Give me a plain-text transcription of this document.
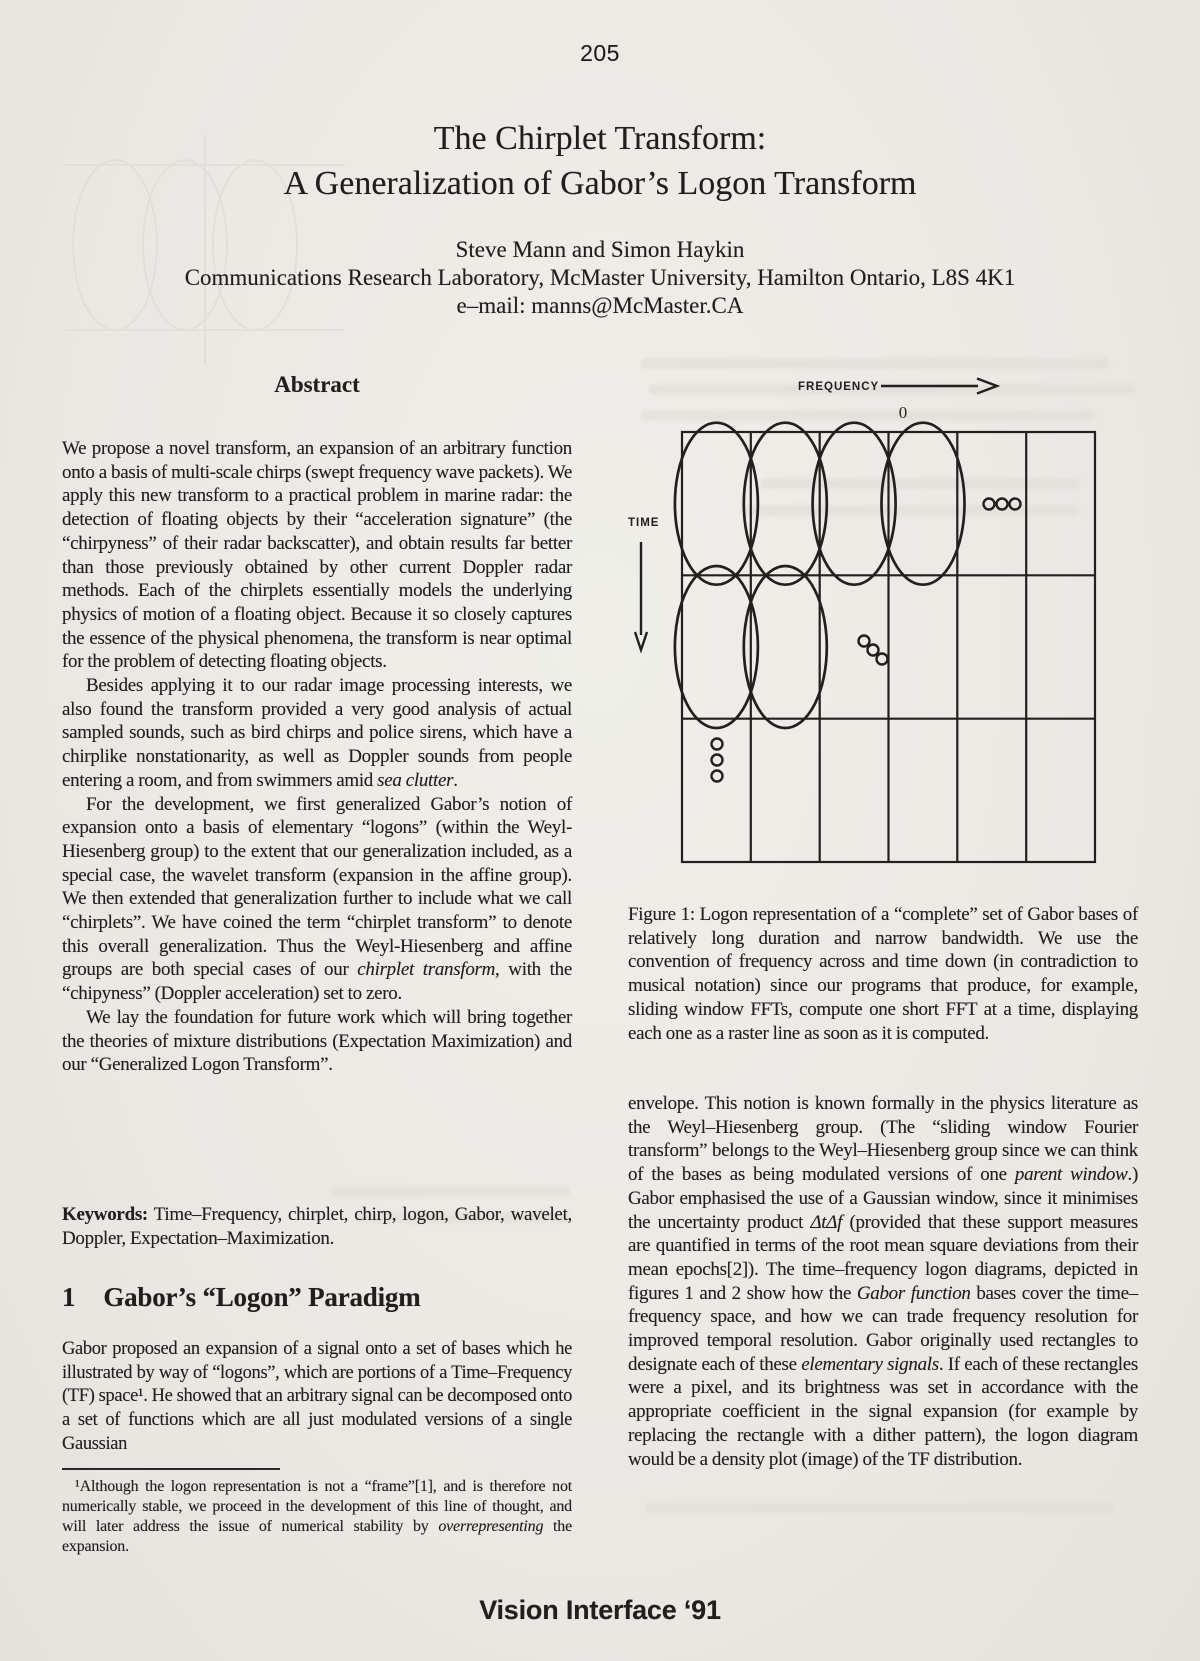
205
The Chirplet Transform:
A Generalization of Gabor’s Logon Transform
Steve Mann and Simon Haykin
Communications Research Laboratory, McMaster University, Hamilton Ontario, L8S 4K1
e–mail: manns@McMaster.CA
Abstract

We propose a novel transform, an expansion of an arbitrary function onto a basis of multi-scale chirps (swept frequency wave packets). We apply this new transform to a practical problem in marine radar: the detection of floating objects by their “acceleration signature” (the “chirpyness” of their radar backscatter), and obtain results far better than those previously obtained by other current Doppler radar methods. Each of the chirplets essentially models the underlying physics of motion of a floating object. Because it so closely captures the essence of the physical phenomena, the transform is near optimal for the problem of detecting floating objects.

Besides applying it to our radar image processing interests, we also found the transform provided a very good analysis of actual sampled sounds, such as bird chirps and police sirens, which have a chirplike nonstationarity, as well as Doppler sounds from people entering a room, and from swimmers amid sea clutter.

For the development, we first generalized Gabor’s notion of expansion onto a basis of elementary “logons” (within the Weyl-Hiesenberg group) to the extent that our generalization included, as a special case, the wavelet transform (expansion in the affine group). We then extended that generalization further to include what we call “chirplets”. We have coined the term “chirplet transform” to denote this overall generalization. Thus the Weyl-Hiesenberg and affine groups are both special cases of our chirplet transform, with the “chipyness” (Doppler acceleration) set to zero.

We lay the foundation for future work which will bring together the theories of mixture distributions (Expectation Maximization) and our “Generalized Logon Transform”.

Keywords: Time–Frequency, chirplet, chirp, logon, Gabor, wavelet, Doppler, Expectation–Maximization.
1 Gabor’s “Logon” Paradigm

Gabor proposed an expansion of a signal onto a set of bases which he illustrated by way of “logons”, which are portions of a Time–Frequency (TF) space¹. He showed that an arbitrary signal can be decomposed onto a set of functions which are all just modulated versions of a single Gaussian

¹Although the logon representation is not a “frame”[1], and is therefore not numerically stable, we proceed in the development of this line of thought, and will later address the issue of numerical stability by overrepresenting the expansion.

FREQUENCY
0
TIME
Figure 1: Logon representation of a “complete” set of Gabor bases of relatively long duration and narrow bandwidth. We use the convention of frequency across and time down (in contradiction to musical notation) since our programs that produce, for example, sliding window FFTs, compute one short FFT at a time, displaying each one as a raster line as soon as it is computed.

envelope. This notion is known formally in the physics literature as the Weyl–Hiesenberg group. (The “sliding window Fourier transform” belongs to the Weyl–Hiesenberg group since we can think of the bases as being modulated versions of one parent window.) Gabor emphasised the use of a Gaussian window, since it minimises the uncertainty product ΔtΔf (provided that these support measures are quantified in terms of the root mean square deviations from their mean epochs[2]). The time–frequency logon diagrams, depicted in figures 1 and 2 show how the Gabor function bases cover the time–frequency space, and how we can trade frequency resolution for improved temporal resolution. Gabor originally used rectangles to designate each of these elementary signals. If each of these rectangles were a pixel, and its brightness was set in accordance with the appropriate coefficient in the signal expansion (for example by replacing the rectangle with a dither pattern), the logon diagram would be a density plot (image) of the TF distribution.

Vision Interface ‘91
